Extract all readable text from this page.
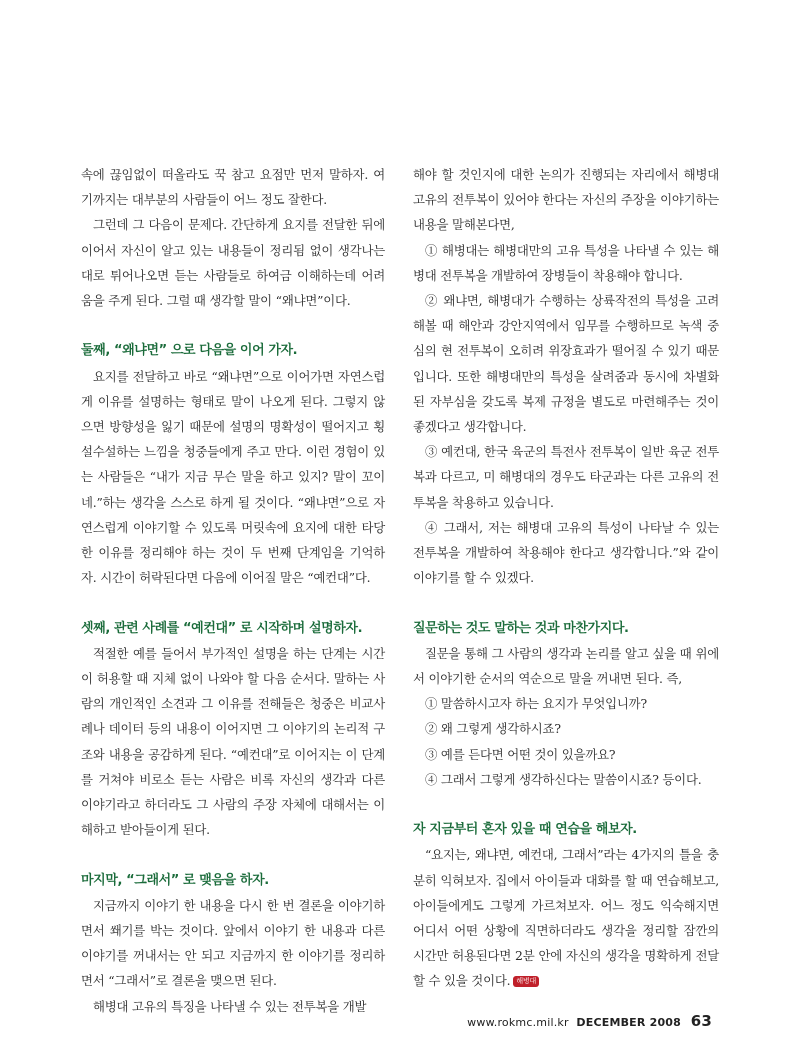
속에 끊임없이 떠올라도 꾹 참고 요점만 먼저 말하자. 여기까지는 대부분의 사람들이 어느 정도 잘한다.

그런데 그 다음이 문제다. 간단하게 요지를 전달한 뒤에 이어서 자신이 알고 있는 내용들이 정리됨 없이 생각나는 대로 튀어나오면 듣는 사람들로 하여금 이해하는데 어려움을 주게 된다. 그럴 때 생각할 말이 “왜냐면”이다.

둘째, “왜냐면” 으로 다음을 이어 가자.

요지를 전달하고 바로 “왜냐면”으로 이어가면 자연스럽게 이유를 설명하는 형태로 말이 나오게 된다. 그렇지 않으면 방향성을 잃기 때문에 설명의 명확성이 떨어지고 횡설수설하는 느낌을 청중들에게 주고 만다. 이런 경험이 있는 사람들은 “내가 지금 무슨 말을 하고 있지? 말이 꼬이네.”하는 생각을 스스로 하게 될 것이다. “왜냐면”으로 자연스럽게 이야기할 수 있도록 머릿속에 요지에 대한 타당한 이유를 정리해야 하는 것이 두 번째 단계임을 기억하자. 시간이 허락된다면 다음에 이어질 말은 “예컨대”다.

셋째, 관련 사례를 “예컨대” 로 시작하며 설명하자.

적절한 예를 들어서 부가적인 설명을 하는 단계는 시간이 허용할 때 지체 없이 나와야 할 다음 순서다. 말하는 사람의 개인적인 소견과 그 이유를 전해들은 청중은 비교사례나 데이터 등의 내용이 이어지면 그 이야기의 논리적 구조와 내용을 공감하게 된다. “예컨대”로 이어지는 이 단계를 거쳐야 비로소 듣는 사람은 비록 자신의 생각과 다른 이야기라고 하더라도 그 사람의 주장 자체에 대해서는 이해하고 받아들이게 된다.

마지막, “그래서” 로 맺음을 하자.

지금까지 이야기 한 내용을 다시 한 번 결론을 이야기하면서 쐐기를 박는 것이다. 앞에서 이야기 한 내용과 다른 이야기를 꺼내서는 안 되고 지금까지 한 이야기를 정리하면서 “그래서”로 결론을 맺으면 된다.

해병대 고유의 특징을 나타낼 수 있는 전투복을 개발

해야 할 것인지에 대한 논의가 진행되는 자리에서 해병대 고유의 전투복이 있어야 한다는 자신의 주장을 이야기하는 내용을 말해본다면,

① 해병대는 해병대만의 고유 특성을 나타낼 수 있는 해병대 전투복을 개발하여 장병들이 착용해야 합니다.

② 왜냐면, 해병대가 수행하는 상륙작전의 특성을 고려해볼 때 해안과 강안지역에서 임무를 수행하므로 녹색 중심의 현 전투복이 오히려 위장효과가 떨어질 수 있기 때문입니다. 또한 해병대만의 특성을 살려줌과 동시에 차별화된 자부심을 갖도록 복제 규정을 별도로 마련해주는 것이 좋겠다고 생각합니다.

③ 예컨대, 한국 육군의 특전사 전투복이 일반 육군 전투복과 다르고, 미 해병대의 경우도 타군과는 다른 고유의 전투복을 착용하고 있습니다.

④ 그래서, 저는 해병대 고유의 특성이 나타날 수 있는 전투복을 개발하여 착용해야 한다고 생각합니다.”와 같이 이야기를 할 수 있겠다.

질문하는 것도 말하는 것과 마찬가지다.

질문을 통해 그 사람의 생각과 논리를 알고 싶을 때 위에서 이야기한 순서의 역순으로 말을 꺼내면 된다. 즉,

① 말씀하시고자 하는 요지가 무엇입니까?

② 왜 그렇게 생각하시죠?

③ 예를 든다면 어떤 것이 있을까요?

④ 그래서 그렇게 생각하신다는 말씀이시죠? 등이다.

자 지금부터 혼자 있을 때 연습을 해보자.

“요지는, 왜냐면, 예컨대, 그래서”라는 4가지의 틀을 충분히 익혀보자. 집에서 아이들과 대화를 할 때 연습해보고, 아이들에게도 그렇게 가르쳐보자. 어느 정도 익숙해지면 어디서 어떤 상황에 직면하더라도 생각을 정리할 잠깐의 시간만 허용된다면 2분 안에 자신의 생각을 명확하게 전달할 수 있을 것이다. 해병대

www.rokmc.mil.kr DECEMBER 2008 63
